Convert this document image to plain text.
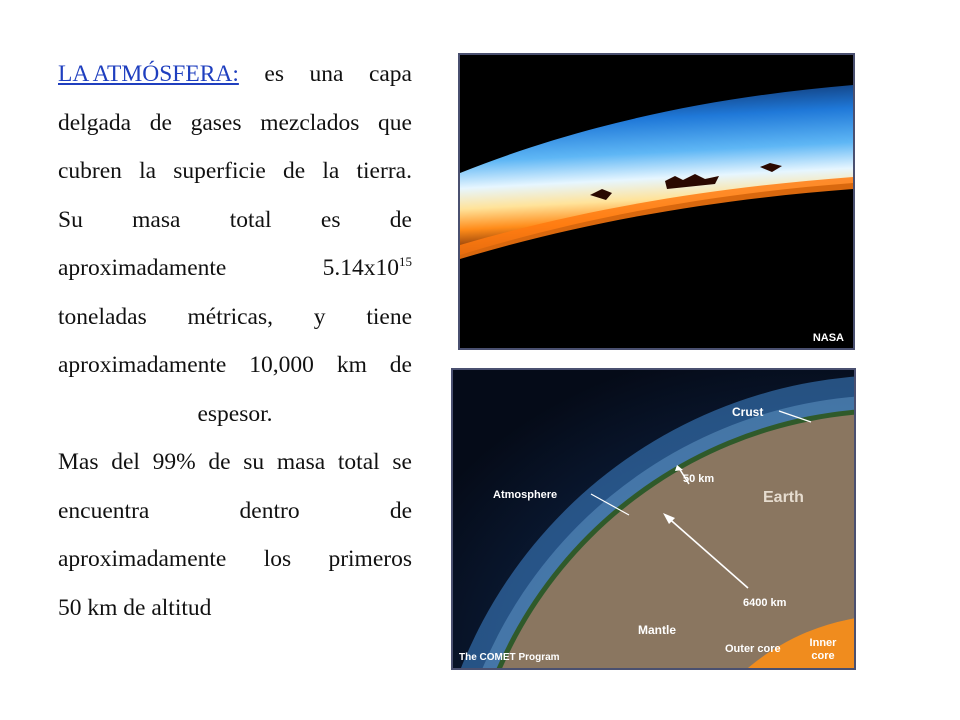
LA ATMÓSFERA: es una capa
delgada de gases mezclados que
cubren la superficie de la tierra.
Su masa total es de
aproximadamente	$5.14x10^{15}$
toneladas métricas, y tiene
aproximadamente 10,000 km de
espesor.

Mas del 99% de su masa total se
encuentra	dentro	de
aproximadamente los primeros
50 km de altitud

NASA
Crust
50 km
Earth
Atmosphere
6400 km
Mantle
Outer core	Inner
core
The COMET Program
